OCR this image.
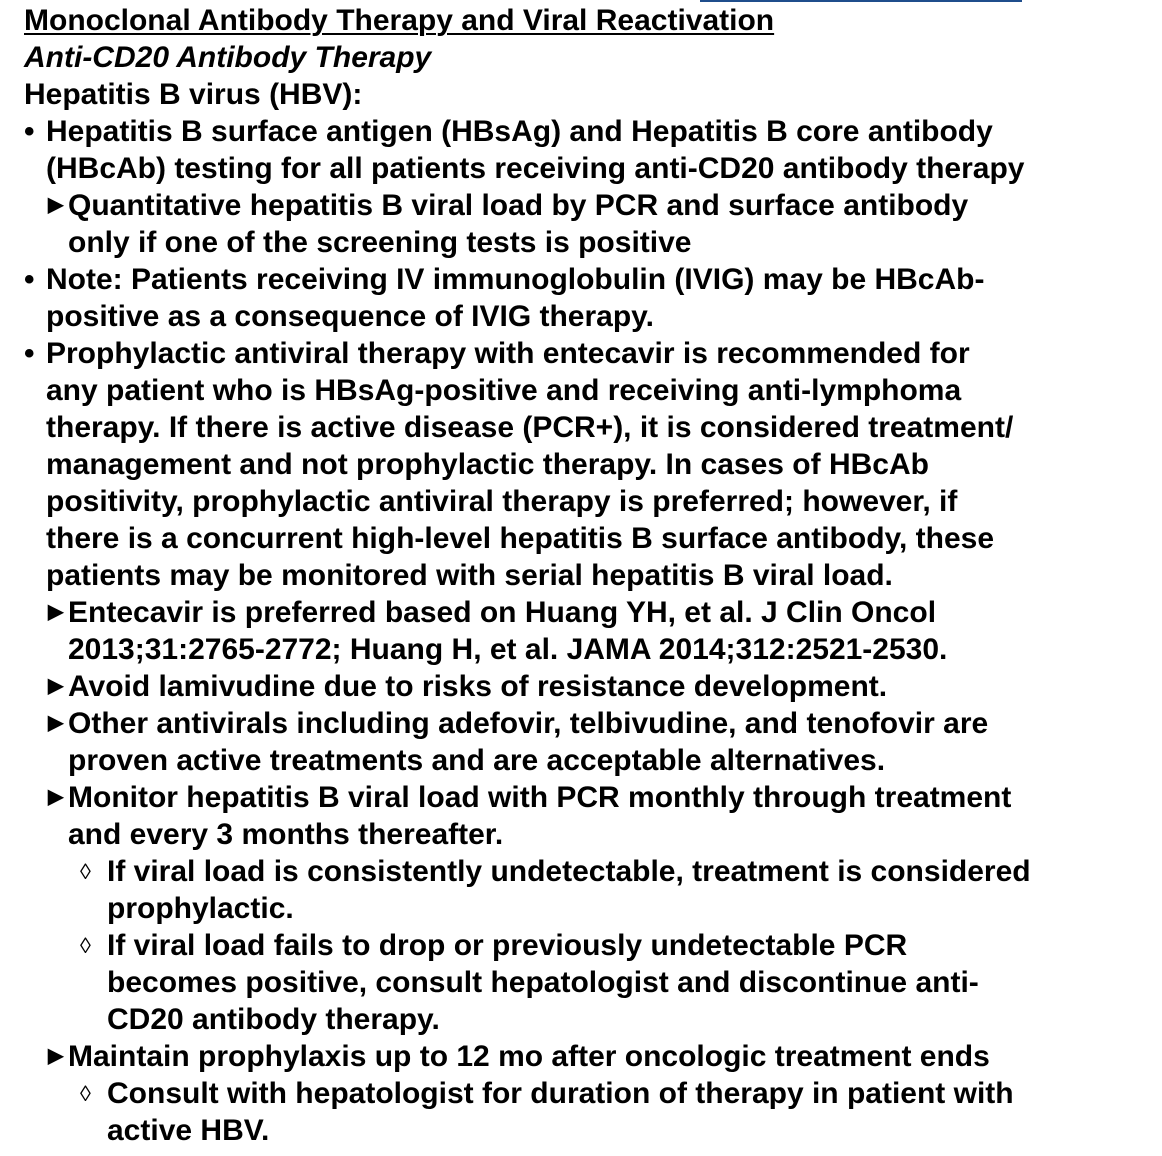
Monoclonal Antibody Therapy and Viral Reactivation
Anti-CD20 Antibody Therapy
Hepatitis B virus (HBV):
• Hepatitis B surface antigen (HBsAg) and Hepatitis B core antibody
(HBcAb) testing for all patients receiving anti-CD20 antibody therapy
▶ Quantitative hepatitis B viral load by PCR and surface antibody
only if one of the screening tests is positive
• Note: Patients receiving IV immunoglobulin (IVIG) may be HBcAb-
positive as a consequence of IVIG therapy.
• Prophylactic antiviral therapy with entecavir is recommended for
any patient who is HBsAg-positive and receiving anti-lymphoma
therapy. If there is active disease (PCR+), it is considered treatment/
management and not prophylactic therapy. In cases of HBcAb
positivity, prophylactic antiviral therapy is preferred; however, if
there is a concurrent high-level hepatitis B surface antibody, these
patients may be monitored with serial hepatitis B viral load.
▶ Entecavir is preferred based on Huang YH, et al. J Clin Oncol
2013;31:2765-2772; Huang H, et al. JAMA 2014;312:2521-2530.
▶ Avoid lamivudine due to risks of resistance development.
▶ Other antivirals including adefovir, telbivudine, and tenofovir are
proven active treatments and are acceptable alternatives.
▶ Monitor hepatitis B viral load with PCR monthly through treatment
and every 3 months thereafter.
◊ If viral load is consistently undetectable, treatment is considered
prophylactic.
◊ If viral load fails to drop or previously undetectable PCR
becomes positive, consult hepatologist and discontinue anti-
CD20 antibody therapy.
▶ Maintain prophylaxis up to 12 mo after oncologic treatment ends
◊ Consult with hepatologist for duration of therapy in patient with
active HBV.
